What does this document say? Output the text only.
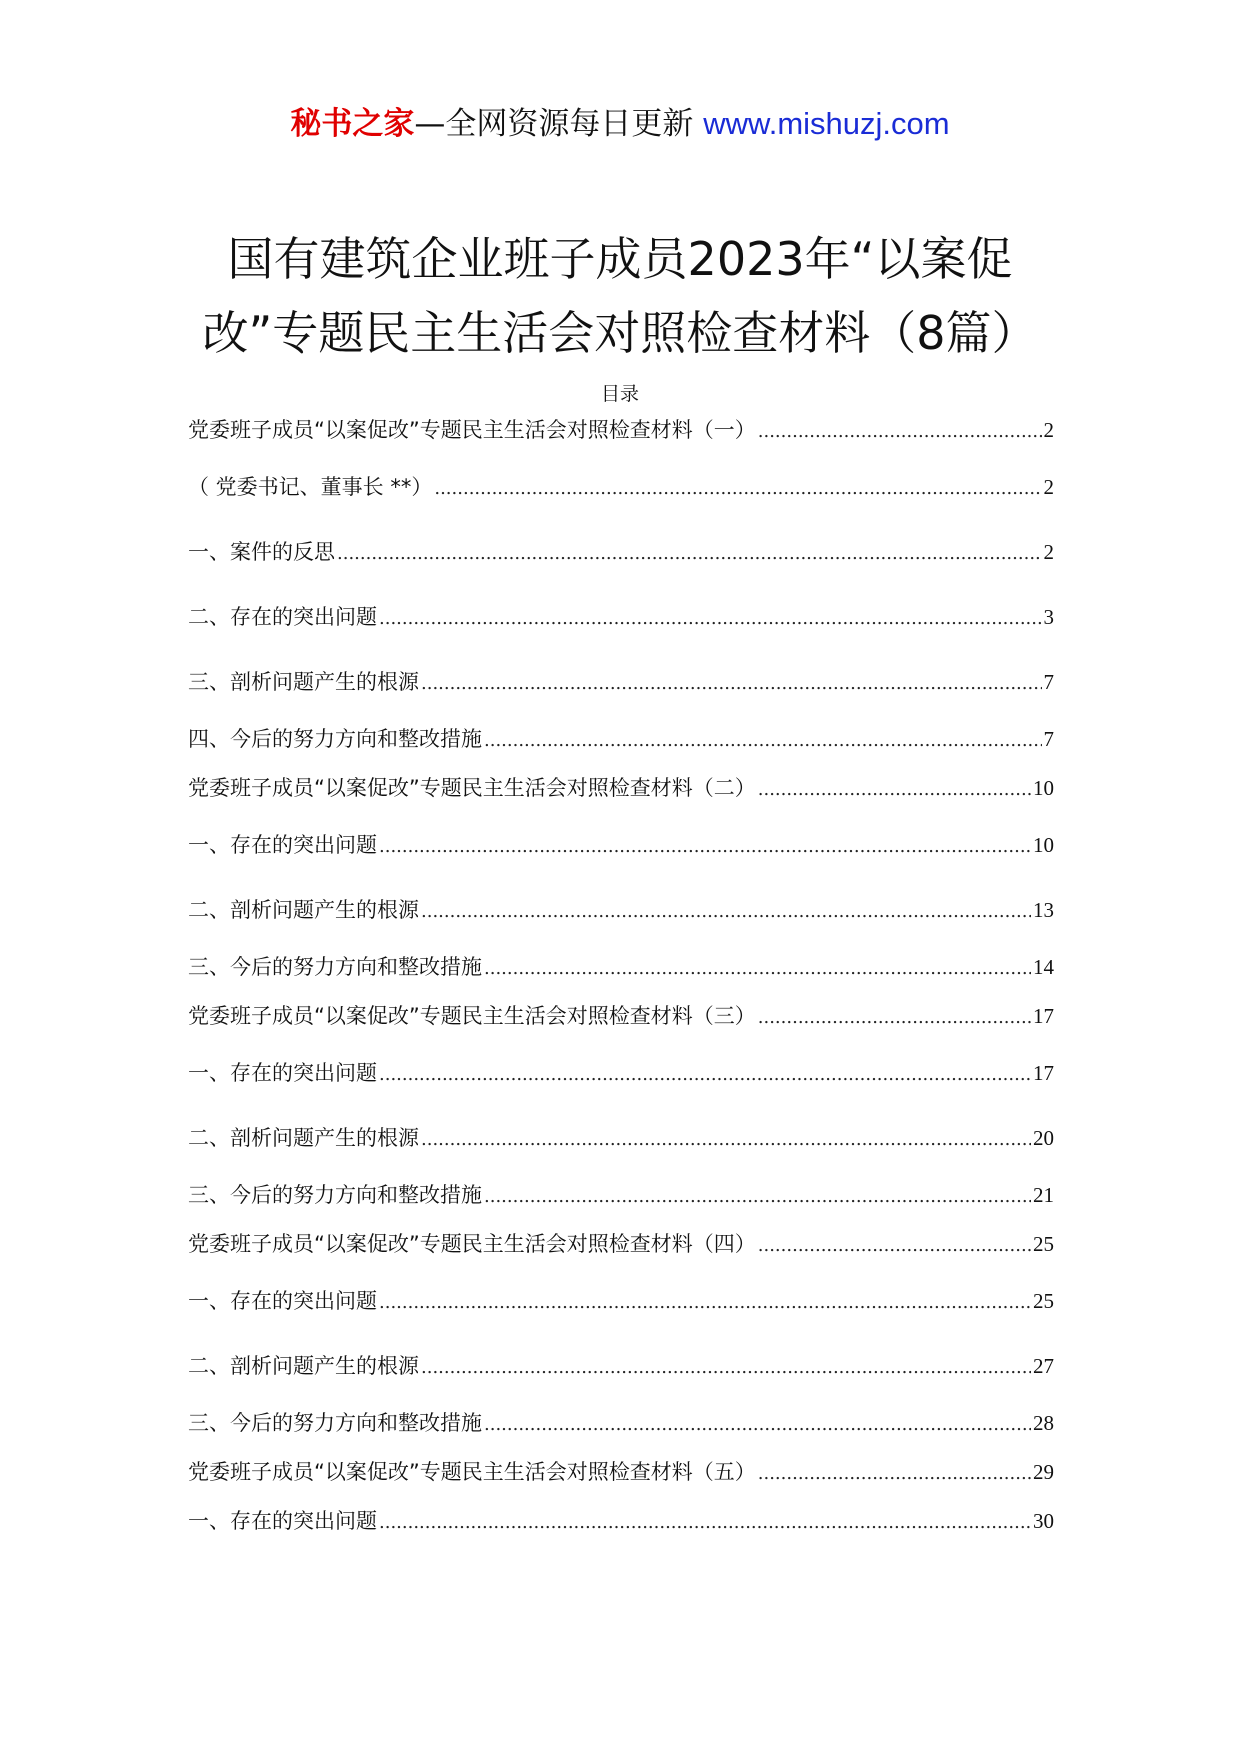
秘书之家—全网资源每日更新 www.mishuzj.com
国有建筑企业班子成员2023年“以案促
改”专题民主生活会对照检查材料（8篇）
目录
党委班子成员“以案促改”专题民主生活会对照检查材料（一） .....	2
（ 党委书记、董事长 **） .....	2
一、案件的反思 .....	2
二、存在的突出问题 .....	3
三、剖析问题产生的根源 .....	7
四、今后的努力方向和整改措施 .....	7
党委班子成员“以案促改”专题民主生活会对照检查材料（二） .....	10
一、存在的突出问题 .....	10
二、剖析问题产生的根源 .....	13
三、今后的努力方向和整改措施 .....	14
党委班子成员“以案促改”专题民主生活会对照检查材料（三） .....	17
一、存在的突出问题 .....	17
二、剖析问题产生的根源 .....	20
三、今后的努力方向和整改措施 .....	21
党委班子成员“以案促改”专题民主生活会对照检查材料（四） .....	25
一、存在的突出问题 .....	25
二、剖析问题产生的根源 .....	27
三、今后的努力方向和整改措施 .....	28
党委班子成员“以案促改”专题民主生活会对照检查材料（五） .....	29
一、存在的突出问题 .....	30
